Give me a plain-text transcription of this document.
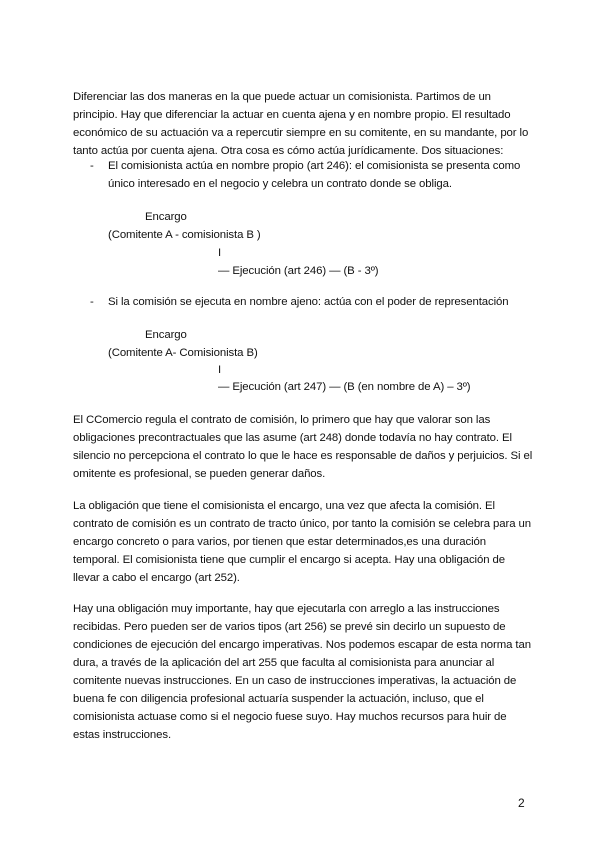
Diferenciar las dos maneras en la que puede actuar un comisionista. Partimos de un principio. Hay que diferenciar la actuar en cuenta ajena y en nombre propio. El resultado económico de su actuación va a repercutir siempre en su comitente, en su mandante, por lo tanto actúa por cuenta ajena. Otra cosa es cómo actúa jurídicamente. Dos situaciones:

- El comisionista actúa en nombre propio (art 246): el comisionista se presenta como único interesado en el negocio y celebra un contrato donde se obliga.

Encargo

(Comitente A - comisionista B )

I

— Ejecución (art 246) — (B - 3º)

- Si la comisión se ejecuta en nombre ajeno: actúa con el poder de representación

Encargo

(Comitente A- Comisionista B)

I

— Ejecución (art 247) — (B (en nombre de A) – 3º)

El CComercio regula el contrato de comisión, lo primero que hay que valorar son las obligaciones precontractuales que las asume (art 248) donde todavía no hay contrato. El silencio no percepciona el contrato lo que le hace es responsable de daños y perjuicios. Si el omitente es profesional, se pueden generar daños.

La obligación que tiene el comisionista el encargo, una vez que afecta la comisión. El contrato de comisión es un contrato de tracto único, por tanto la comisión se celebra para un encargo concreto o para varios, por tienen que estar determinados,es una duración temporal. El comisionista tiene que cumplir el encargo si acepta. Hay una obligación de llevar a cabo el encargo (art 252).

Hay una obligación muy importante, hay que ejecutarla con arreglo a las instrucciones recibidas. Pero pueden ser de varios tipos (art 256) se prevé sin decirlo un supuesto de condiciones de ejecución del encargo imperativas. Nos podemos escapar de esta norma tan dura, a través de la aplicación del art 255 que faculta al comisionista para anunciar al comitente nuevas instrucciones. En un caso de instrucciones imperativas, la actuación de buena fe con diligencia profesional actuaría suspender la actuación, incluso, que el comisionista actuase como si el negocio fuese suyo. Hay muchos recursos para huir de estas instrucciones.

2
